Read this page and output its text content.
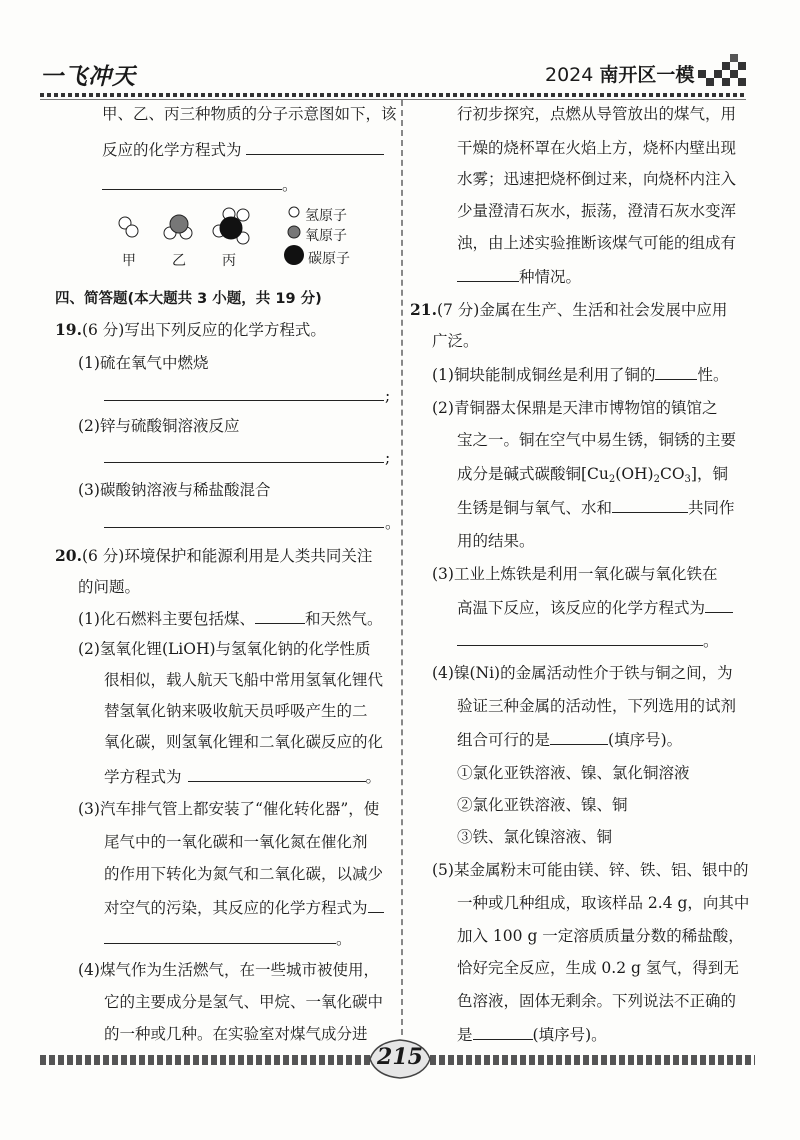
一飞冲天	2024 南开区一模
甲、乙、丙三种物质的分子示意图如下，该
反应的化学方程式为
。
甲	乙	丙
氢原子
氧原子
碳原子
四、简答题(本大题共 3 小题，共 19 分)
19.(6 分)写出下列反应的化学方程式。
(1)硫在氧气中燃烧
;
(2)锌与硫酸铜溶液反应
;
(3)碳酸钠溶液与稀盐酸混合
。
20.(6 分)环境保护和能源利用是人类共同关注
的问题。
(1)化石燃料主要包括煤、	和天然气。
(2)氢氧化锂(LiOH)与氢氧化钠的化学性质
很相似，载人航天飞船中常用氢氧化锂代
替氢氧化钠来吸收航天员呼吸产生的二
氧化碳，则氢氧化锂和二氧化碳反应的化
学方程式为	。
(3)汽车排气管上都安装了“催化转化器”，使
尾气中的一氧化碳和一氧化氮在催化剂
的作用下转化为氮气和二氧化碳，以减少
对空气的污染，其反应的化学方程式为
。
(4)煤气作为生活燃气，在一些城市被使用，
它的主要成分是氢气、甲烷、一氧化碳中
的一种或几种。在实验室对煤气成分进
行初步探究，点燃从导管放出的煤气，用
干燥的烧杯罩在火焰上方，烧杯内壁出现
水雾；迅速把烧杯倒过来，向烧杯内注入
少量澄清石灰水，振荡，澄清石灰水变浑
浊，由上述实验推断该煤气可能的组成有
种情况。
21.(7 分)金属在生产、生活和社会发展中应用
广泛。
(1)铜块能制成铜丝是利用了铜的	性。
(2)青铜器太保鼎是天津市博物馆的镇馆之
宝之一。铜在空气中易生锈，铜锈的主要
成分是碱式碳酸铜$[Cu_2(OH)_2CO_3]$，铜
生锈是铜与氧气、水和	共同作
用的结果。
(3)工业上炼铁是利用一氧化碳与氧化铁在
高温下反应，该反应的化学方程式为
。
(4)镍(Ni)的金属活动性介于铁与铜之间，为
验证三种金属的活动性，下列选用的试剂
组合可行的是	(填序号)。
①氯化亚铁溶液、镍、氯化铜溶液
②氯化亚铁溶液、镍、铜
③铁、氯化镍溶液、铜
(5)某金属粉末可能由镁、锌、铁、铝、银中的
一种或几种组成，取该样品 2.4 g，向其中
加入 100 g 一定溶质质量分数的稀盐酸，
恰好完全反应，生成 0.2 g 氢气，得到无
色溶液，固体无剩余。下列说法不正确的
是	(填序号)。
215
